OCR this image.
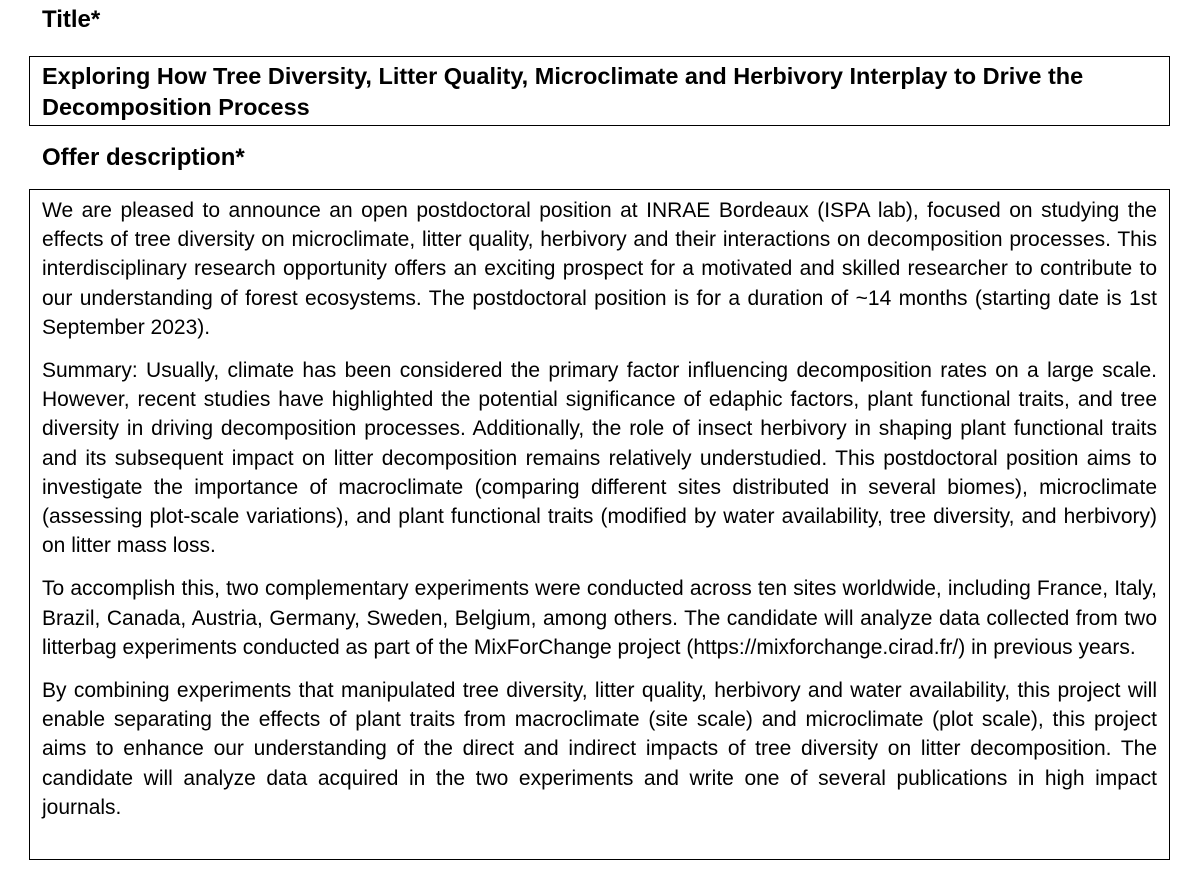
Title*

Exploring How Tree Diversity, Litter Quality, Microclimate and Herbivory Interplay to Drive the Decomposition Process

Offer description*

We are pleased to announce an open postdoctoral position at INRAE Bordeaux (ISPA lab), focused on studying the effects of tree diversity on microclimate, litter quality, herbivory and their interactions on decomposition processes. This interdisciplinary research opportunity offers an exciting prospect for a motivated and skilled researcher to contribute to our understanding of forest ecosystems. The postdoctoral position is for a duration of ~14 months (starting date is 1st September 2023).

Summary: Usually, climate has been considered the primary factor influencing decomposition rates on a large scale. However, recent studies have highlighted the potential significance of edaphic factors, plant functional traits, and tree diversity in driving decomposition processes. Additionally, the role of insect herbivory in shaping plant functional traits and its subsequent impact on litter decomposition remains relatively understudied. This postdoctoral position aims to investigate the importance of macroclimate (comparing different sites distributed in several biomes), microclimate (assessing plot-scale variations), and plant functional traits (modified by water availability, tree diversity, and herbivory) on litter mass loss.

To accomplish this, two complementary experiments were conducted across ten sites worldwide, including France, Italy, Brazil, Canada, Austria, Germany, Sweden, Belgium, among others. The candidate will analyze data collected from two litterbag experiments conducted as part of the MixForChange project (https://mixforchange.cirad.fr/) in previous years.

By combining experiments that manipulated tree diversity, litter quality, herbivory and water availability, this project will enable separating the effects of plant traits from macroclimate (site scale) and microclimate (plot scale), this project aims to enhance our understanding of the direct and indirect impacts of tree diversity on litter decomposition. The candidate will analyze data acquired in the two experiments and write one of several publications in high impact journals.
